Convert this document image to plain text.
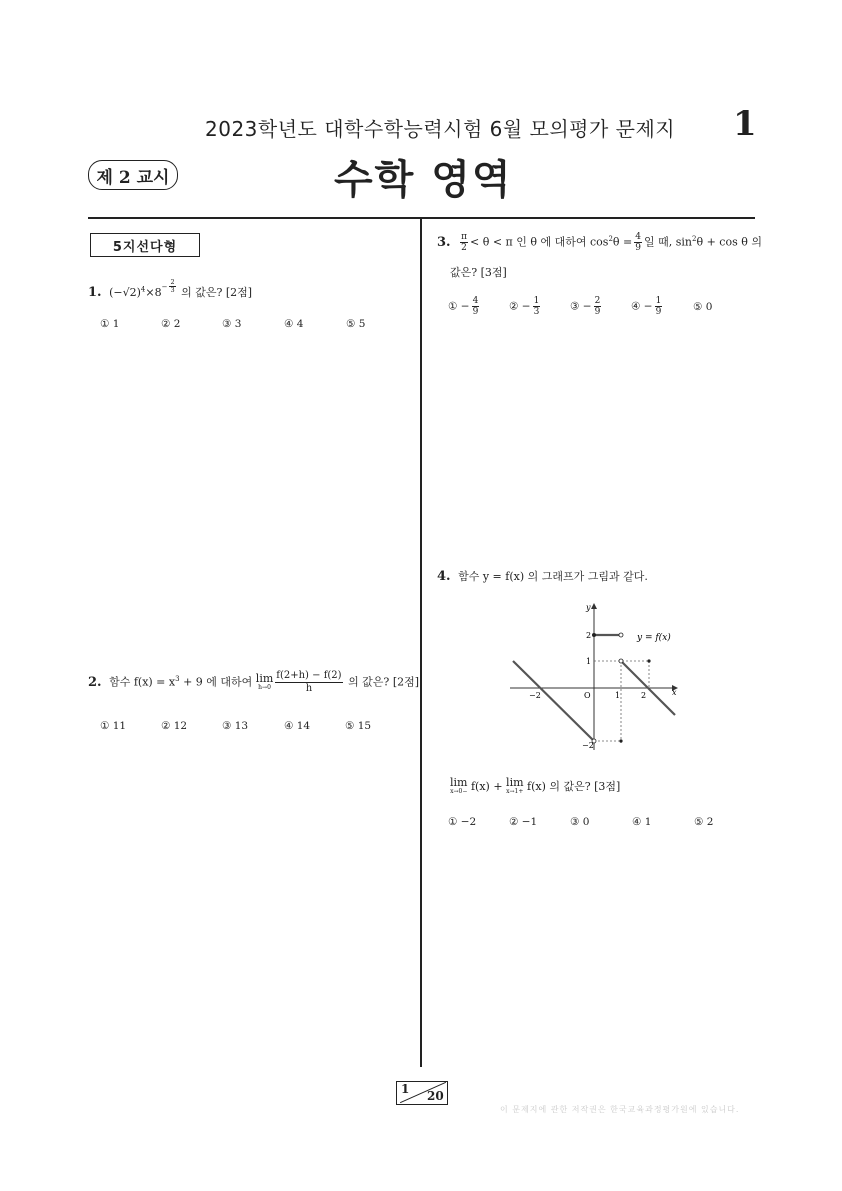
2023학년도 대학수학능력시험 6월 모의평가 문제지 1
제 2 교시	수학 영역
5지선다형
1. $(-√2)^4\times 8^{- \frac{2}{3}}$ 의 값은? [2점]
① 1	② 2	③ 3	④ 4	⑤ 5
2. 함수 $f(x) = x^3 + 9$ 에 대하여 lim
$h\to 0 \frac{f(2+h) - f(2)}{h}$ 의 값은? [2점]
① 11	② 12	③ 13	④ 14	⑤ 15
3. $\frac{\pi}{2} < \theta < \pi$ 인 θ 에 대하여 $\cos^2\theta = \frac{4}{9}$ 일 때, $\sin^2\theta + \cos \theta$ 의
값은? [3점]
① − $\frac{4}{9}$	② − $\frac{1}{3}$	③ − $\frac{2}{9}$	④ − $\frac{1}{9}$	⑤ 0
4. 함수 y = f(x) 의 그래프가 그림과 같다.
y
x
y = f(x)
2
1
−2
−2	O	1	2
lim
x→0− f(x) + lim
x→1+ f(x) 의 값은? [3점]
① −2	② −1	③ 0	④ 1	⑤ 2
1 20
이 문제지에 관한 저작권은 한국교육과정평가원에 있습니다.
